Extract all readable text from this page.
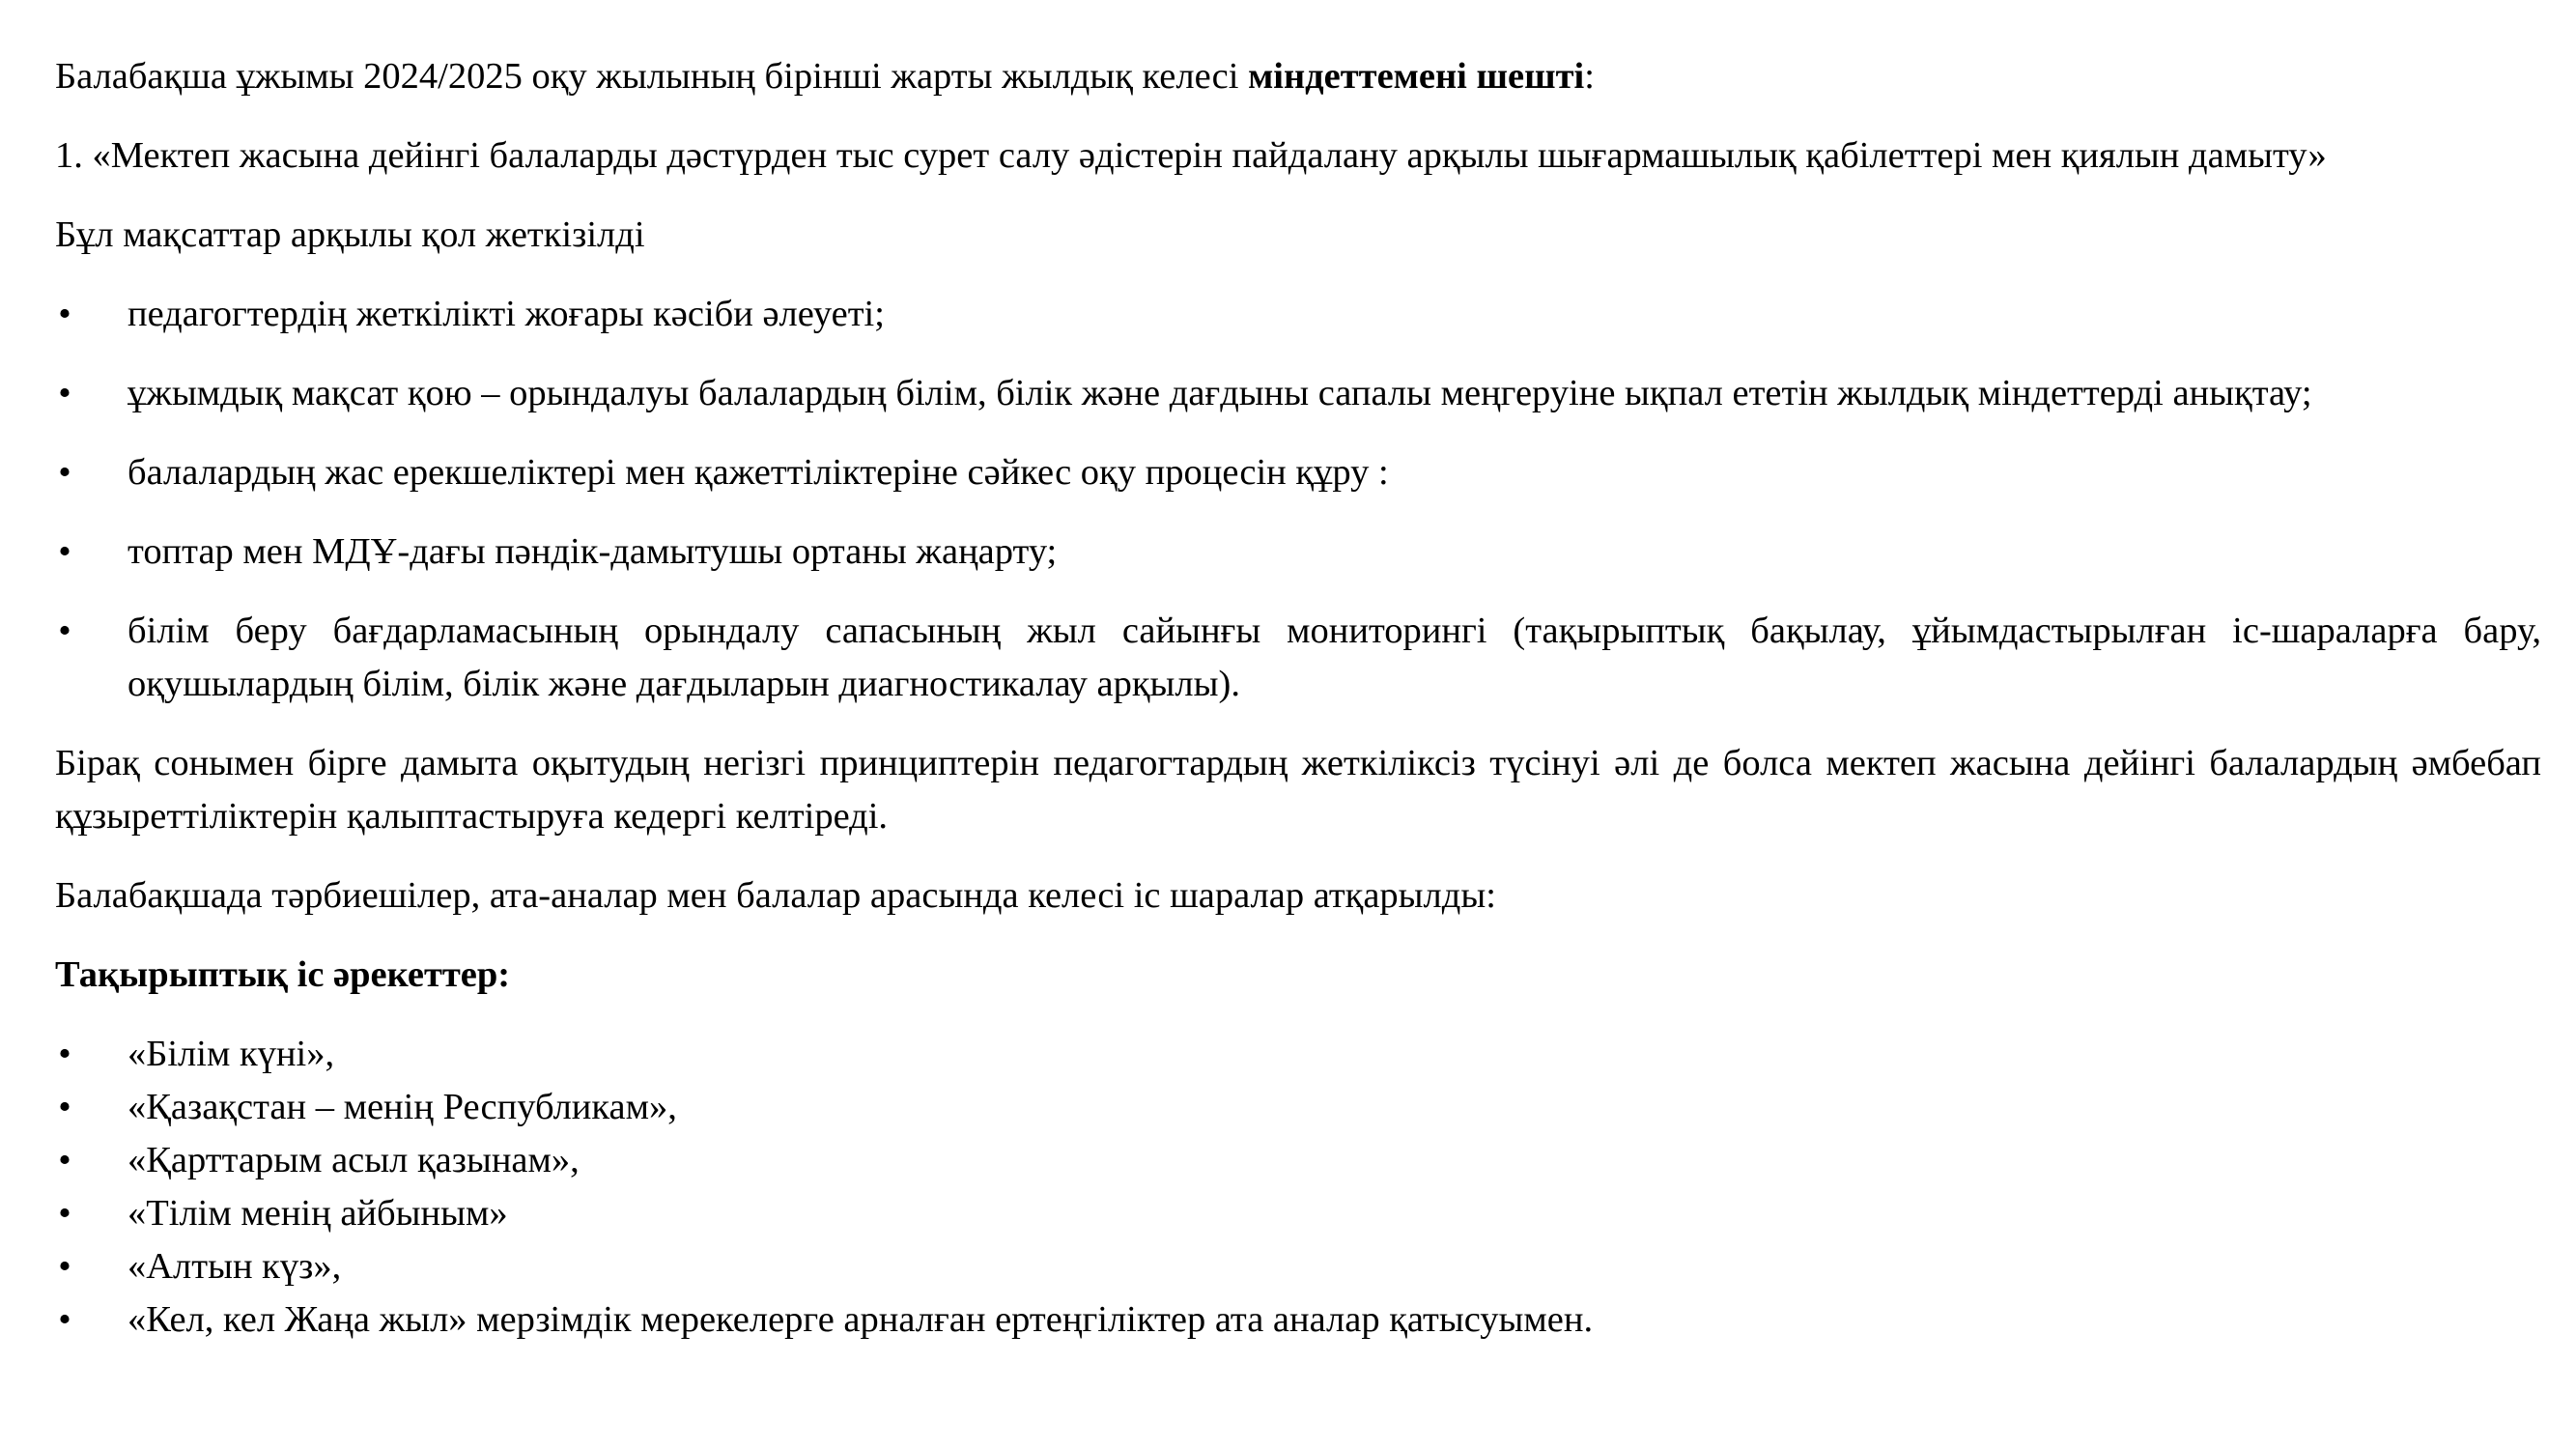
Балабақша ұжымы 2024/2025 оқу жылының бірінші жарты жылдық келесі міндеттемені шешті:

1. «Мектеп жасына дейінгі балаларды дәстүрден тыс сурет салу әдістерін пайдалану арқылы шығармашылық қабілеттері мен қиялын дамыту»

Бұл мақсаттар арқылы қол жеткізілді

• педагогтердің жеткілікті жоғары кәсіби әлеуеті;
• ұжымдық мақсат қою – орындалуы балалардың білім, білік және дағдыны сапалы меңгеруіне ықпал ететін жылдық міндеттерді анықтау;
• балалардың жас ерекшеліктері мен қажеттіліктеріне сәйкес оқу процесін құру :
• топтар мен МДҰ-дағы пәндік-дамытушы ортаны жаңарту;
• білім беру бағдарламасының орындалу сапасының жыл сайынғы мониторингі (тақырыптық бақылау, ұйымдастырылған іс-шараларға бару, оқушылардың білім, білік және дағдыларын диагностикалау арқылы).

Бірақ сонымен бірге дамыта оқытудың негізгі принциптерін педагогтардың жеткіліксіз түсінуі әлі де болса мектеп жасына дейінгі балалардың әмбебап құзыреттіліктерін қалыптастыруға кедергі келтіреді.

Балабақшада тәрбиешілер, ата-аналар мен балалар арасында келесі іс шаралар атқарылды:

Тақырыптық іс әрекеттер:

• «Білім күні»,
• «Қазақстан – менің Республикам»,
• «Қарттарым асыл қазынам»,
• «Тілім менің айбыным»
• «Алтын күз»,
• «Кел, кел Жаңа жыл» мерзімдік мерекелерге арналған ертеңгіліктер ата аналар қатысуымен.
